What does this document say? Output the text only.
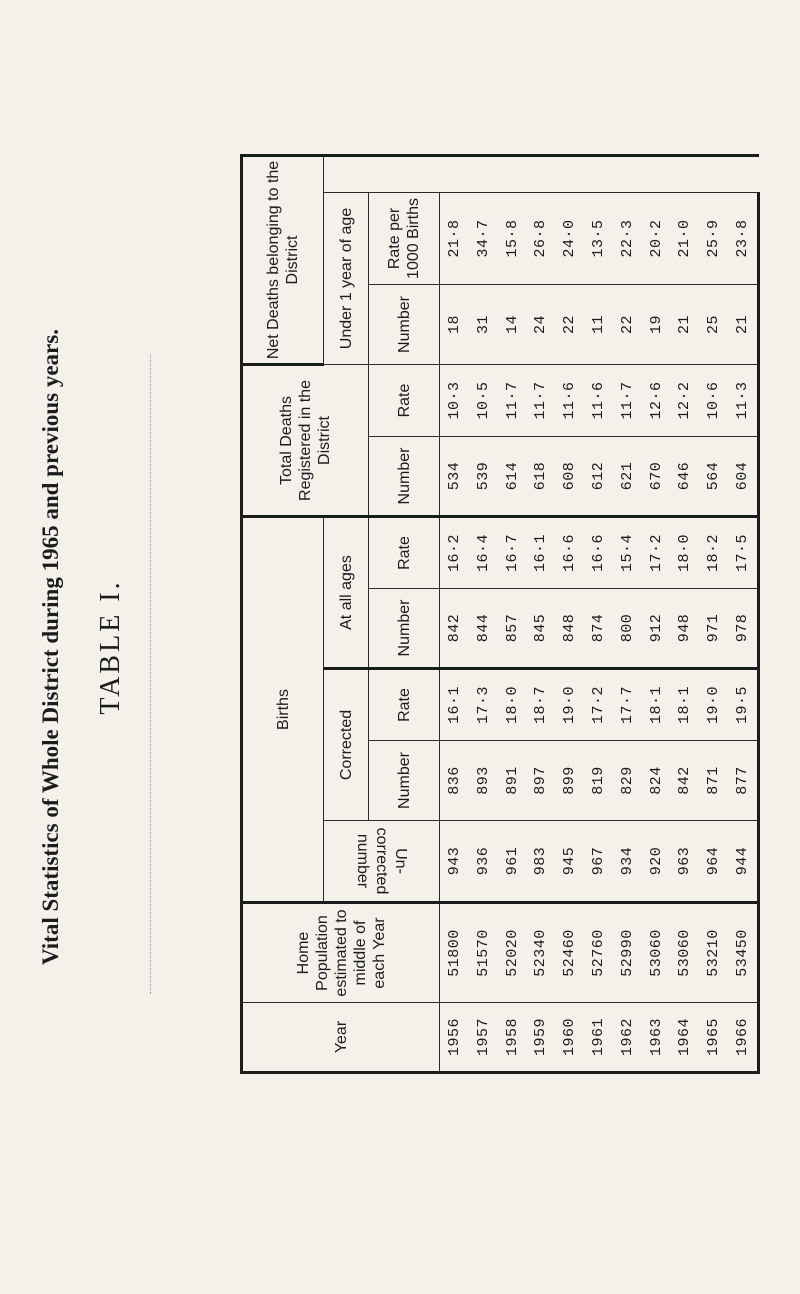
TABLE I.
Vital Statistics of Whole District during 1965 and previous years.
Year	Home Population estimated to middle of each Year	Births					Total Deaths Registered in the District		Net Deaths belonging to the District	
		Un-corrected number	Corrected		At all ages				Under 1 year of age	
			Number	Rate	Number	Rate	Number	Rate	Number	Rate per 1000 Births
1956	51800	943	836	16·1	842	16·2	534	10·3	18	21·8
1957	51570	936	893	17·3	844	16·4	539	10·5	31	34·7
1958	52020	961	891	18·0	857	16·7	614	11·7	14	15·8
1959	52340	983	897	18·7	845	16·1	618	11·7	24	26·8
1960	52460	945	899	19·0	848	16·6	608	11·6	22	24·0
1961	52760	967	819	17·2	874	16·6	612	11·6	11	13·5
1962	52990	934	829	17·7	800	15·4	621	11·7	22	22·3
1963	53060	920	824	18·1	912	17·2	670	12·6	19	20·2
1964	53060	963	842	18·1	948	18·0	646	12·2	21	21·0
1965	53210	964	871	19·0	971	18·2	564	10·6	25	25·9
1966	53450	944	877	19·5	978	17·5	604	11·3	21	23·8
